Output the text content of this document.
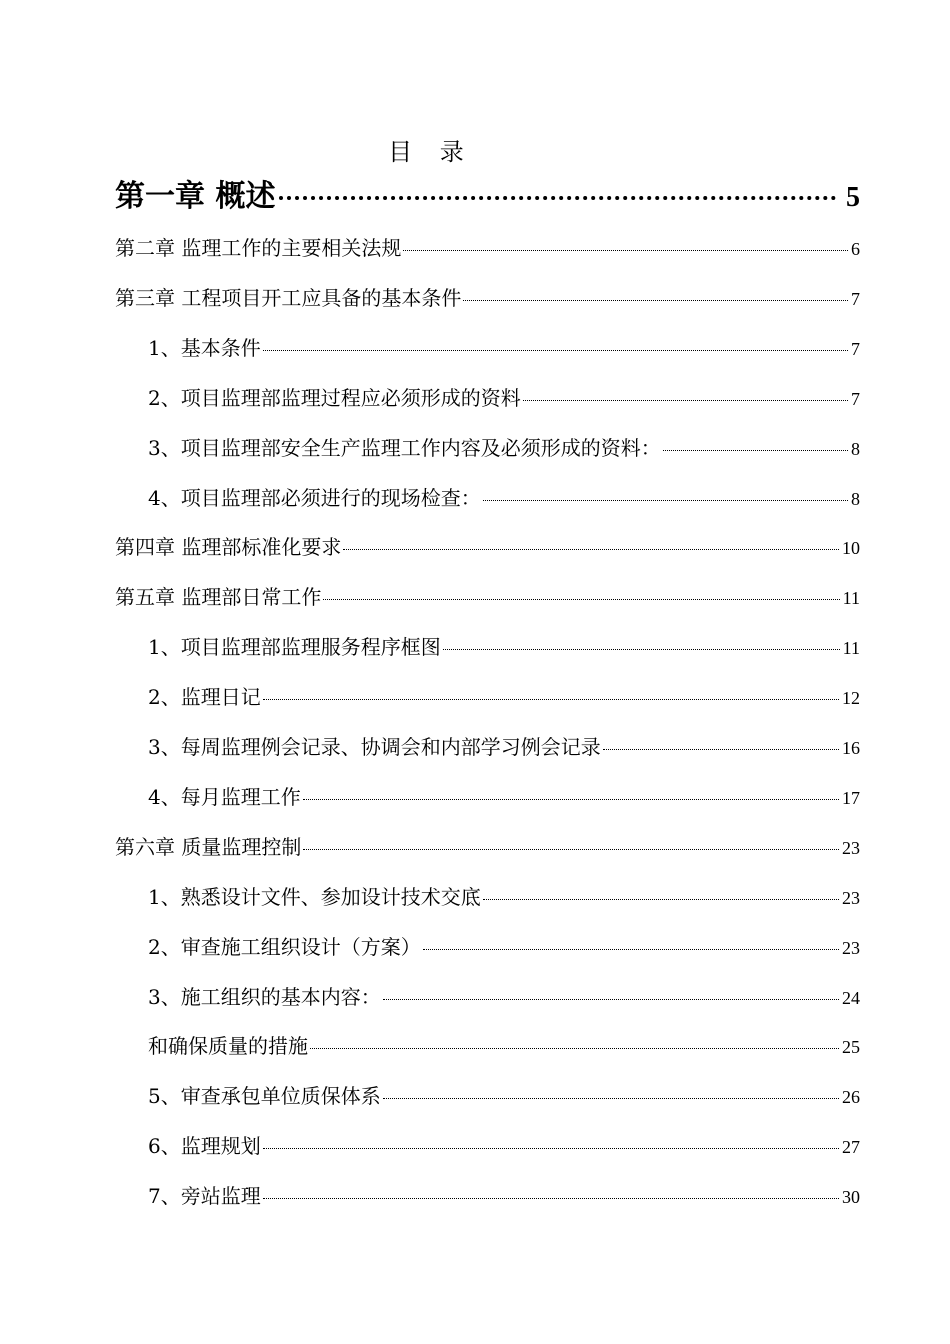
目 录
第一章 概述	5
第二章 监理工作的主要相关法规	6
第三章 工程项目开工应具备的基本条件	7
1、基本条件	7
2、项目监理部监理过程应必须形成的资料	7
3、项目监理部安全生产监理工作内容及必须形成的资料：	8
4、项目监理部必须进行的现场检查：	8
第四章 监理部标准化要求	10
第五章 监理部日常工作	11
1、项目监理部监理服务程序框图	11
2、监理日记	12
3、每周监理例会记录、协调会和内部学习例会记录	16
4、每月监理工作	17
第六章 质量监理控制	23
1、熟悉设计文件、参加设计技术交底	23
2、审查施工组织设计（方案）	23
3、施工组织的基本内容：	24
和确保质量的措施	25
5、审查承包单位质保体系	26
6、监理规划	27
7、旁站监理	30
